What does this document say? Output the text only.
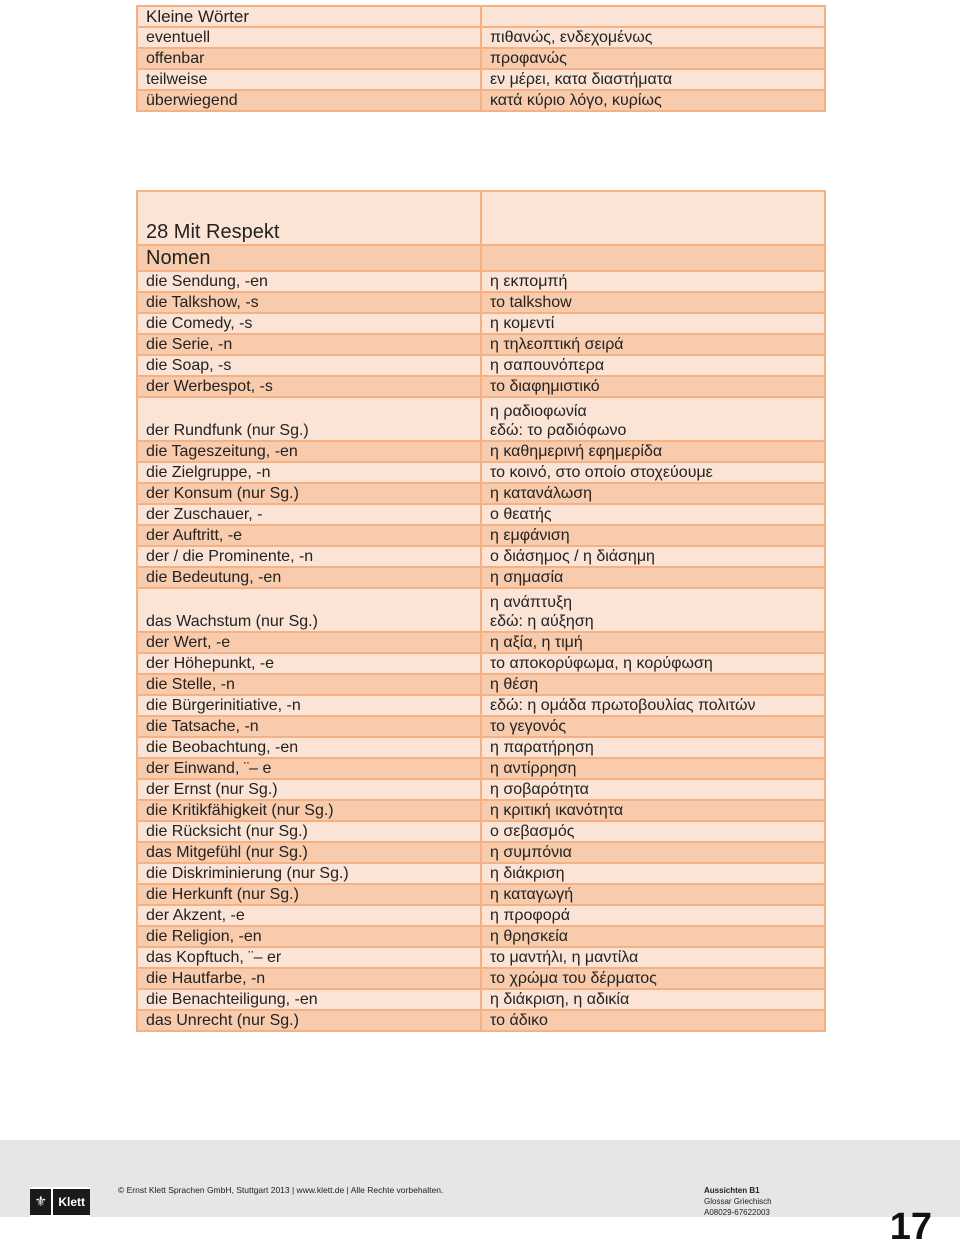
Kleine Wörter	
eventuell	πιθανώς, ενδεχομένως
offenbar	προφανώς
teilweise	εν μέρει, κατα διαστήματα
überwiegend	κατά κύριο λόγο, κυρίως
28 Mit Respekt	
Nomen	
die Sendung, -en	η εκπομπή
die Talkshow, -s	το talkshow
die Comedy, -s	η κομεντί
die Serie, -n	η τηλεοπτική σειρά
die Soap, -s	η σαπουνόπερα
der Werbespot, -s	το διαφημιστικό
der Rundfunk (nur Sg.)	η ραδιοφωνία
εδώ: το ραδιόφωνο

die Tageszeitung, -en	η καθημερινή εφημερίδα
die Zielgruppe, -n	το κοινό, στο οποίο στοχεύουμε
der Konsum (nur Sg.)	η κατανάλωση
der Zuschauer, -	ο θεατής
der Auftritt, -e	η εμφάνιση
der / die Prominente, -n	ο διάσημος / η διάσημη
die Bedeutung, -en	η σημασία
das Wachstum (nur Sg.)	η ανάπτυξη
εδώ: η αύξηση

der Wert, -e	η αξία, η τιμή
der Höhepunkt, -e	το αποκορύφωμα, η κορύφωση
die Stelle, -n	η θέση
die Bürgerinitiative, -n	εδώ: η ομάδα πρωτοβουλίας πολιτών
die Tatsache, -n	το γεγονός
die Beobachtung, -en	η παρατήρηση
der Einwand, ¨– e	η αντίρρηση
der Ernst (nur Sg.)	η σοβαρότητα
die Kritikfähigkeit (nur Sg.)	η κριτική ικανότητα
die Rücksicht (nur Sg.)	ο σεβασμός
das Mitgefühl (nur Sg.)	η συμπόνια
die Diskriminierung (nur Sg.)	η διάκριση
die Herkunft (nur Sg.)	η καταγωγή
der Akzent, -e	η προφορά
die Religion, -en	η θρησκεία
das Kopftuch, ¨– er	το μαντήλι, η μαντίλα
die Hautfarbe, -n	το χρώμα του δέρματος
die Benachteiligung, -en	η διάκριση, η αδικία
das Unrecht (nur Sg.)	το άδικο
⚜ Klett
© Ernst Klett Sprachen GmbH, Stuttgart 2013 | www.klett.de | Alle Rechte vorbehalten.	Aussichten B1
Glossar Griechisch
A08029-67622003	17
